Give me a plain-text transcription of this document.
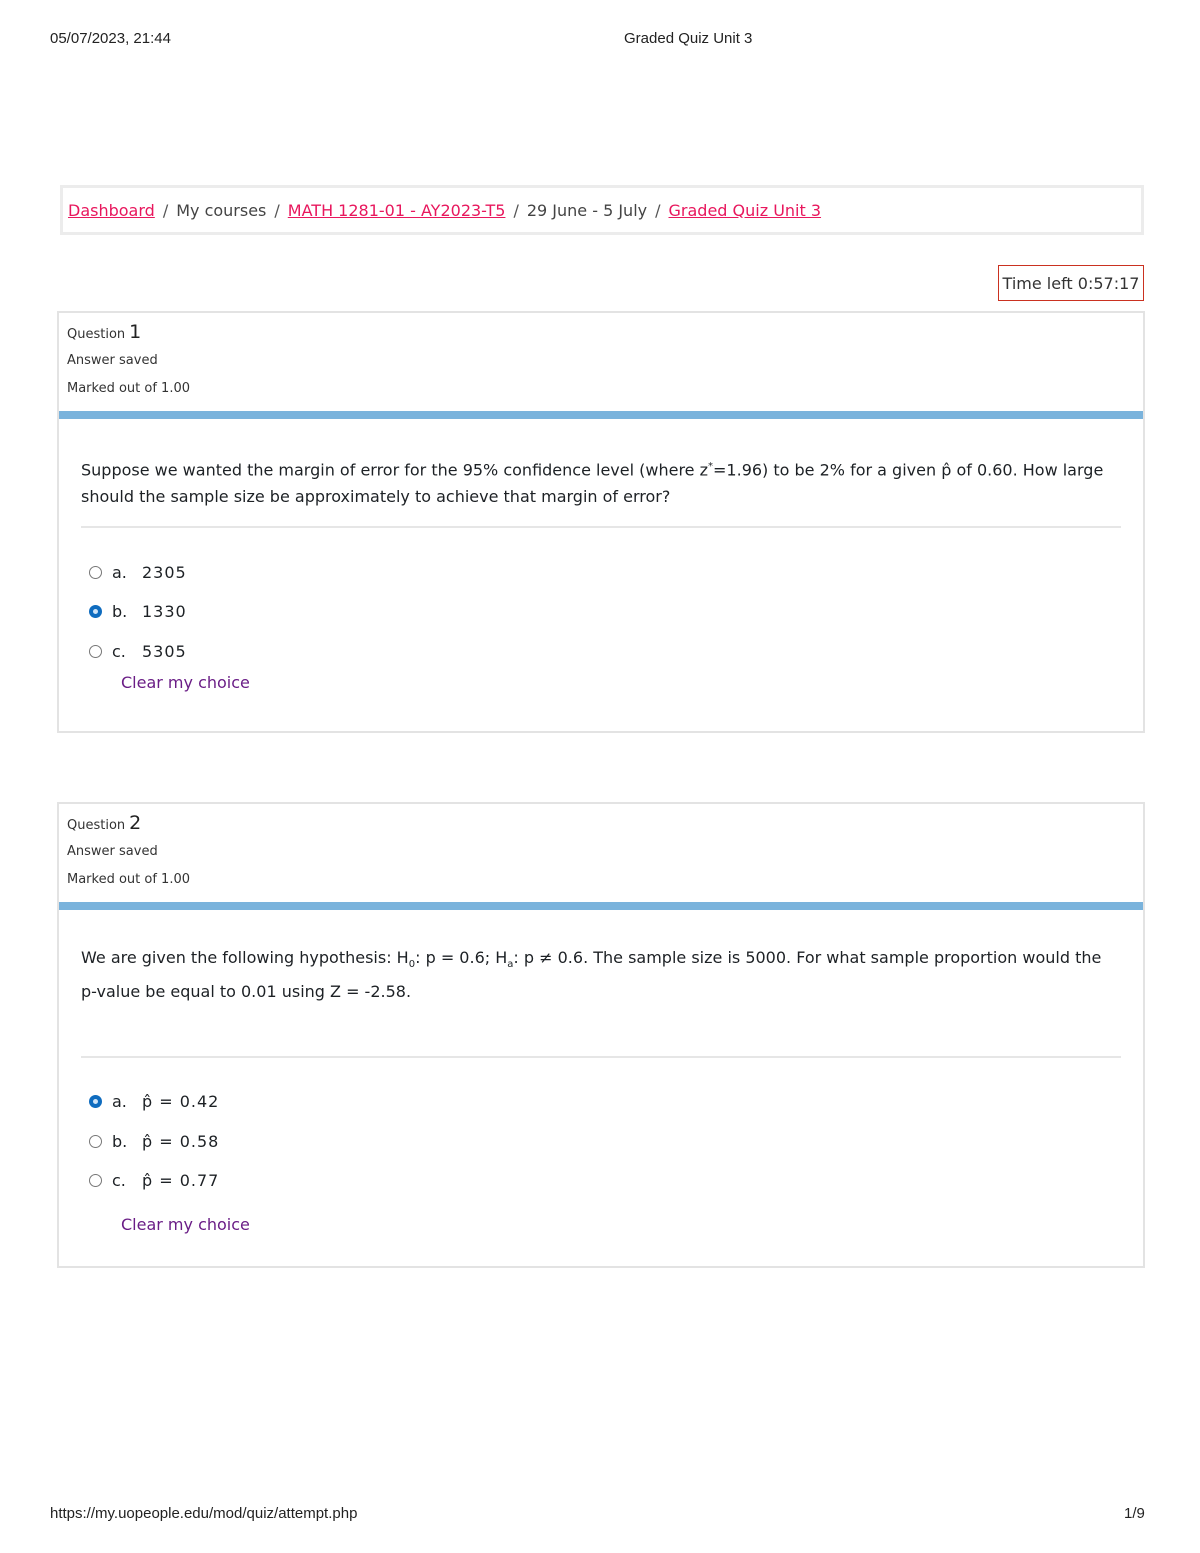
05/07/2023, 21:44	Graded Quiz Unit 3
Dashboard / My courses / MATH 1281-01 - AY2023-T5 / 29 June - 5 July / Graded Quiz Unit 3
Time left 0:57:17
Question 1
Answer saved
Marked out of 1.00
Suppose we wanted the margin of error for the 95% confidence level (where z*=1.96) to be 2% for a given p̂ of 0.60. How large should the sample size be approximately to achieve that margin of error?
a. 2305
b. 1330
c.	5305
Clear my choice
Question 2
Answer saved
Marked out of 1.00
We are given the following hypothesis: $H_0$: p = 0.6; $H_a$: p ≠ 0.6. The sample size is 5000. For what sample proportion would the p-value be equal to 0.01 using Z = -2.58.
a. p̂ = 0.42
b. p̂ = 0.58
c.	p̂ = 0.77
Clear my choice
https://my.uopeople.edu/mod/quiz/attempt.php	1/9
